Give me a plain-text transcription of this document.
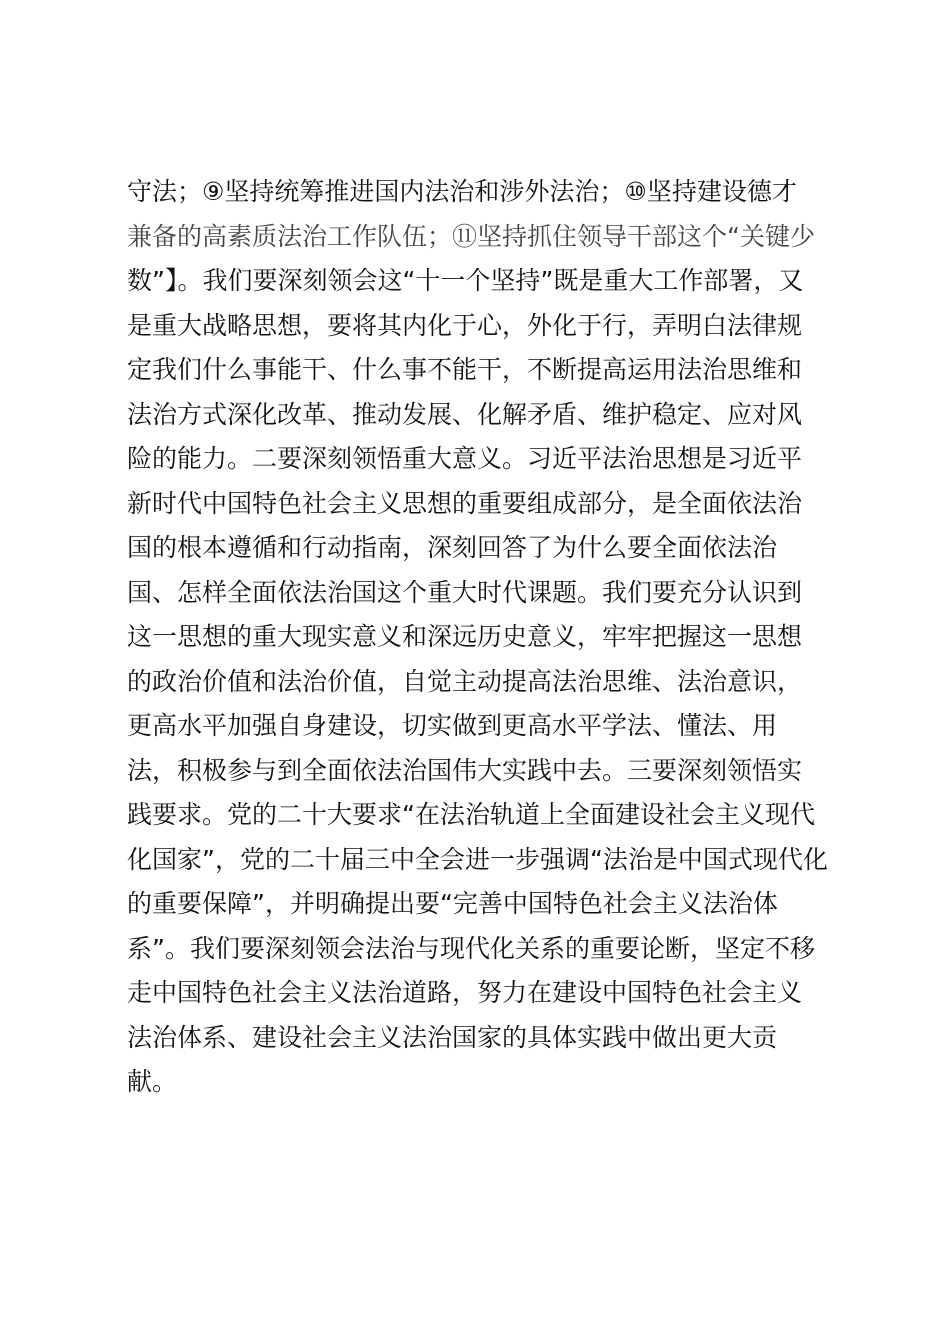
守法；⑨坚持统筹推进国内法治和涉外法治；⑩坚持建设德才
兼备的高素质法治工作队伍；⑪坚持抓住领导干部这个“关键少
数”】。我们要深刻领会这“十一个坚持”既是重大工作部署，又
是重大战略思想，要将其内化于心，外化于行，弄明白法律规
定我们什么事能干、什么事不能干，不断提高运用法治思维和
法治方式深化改革、推动发展、化解矛盾、维护稳定、应对风
险的能力。二要深刻领悟重大意义。习近平法治思想是习近平
新时代中国特色社会主义思想的重要组成部分，是全面依法治
国的根本遵循和行动指南，深刻回答了为什么要全面依法治
国、怎样全面依法治国这个重大时代课题。我们要充分认识到
这一思想的重大现实意义和深远历史意义，牢牢把握这一思想
的政治价值和法治价值，自觉主动提高法治思维、法治意识，
更高水平加强自身建设，切实做到更高水平学法、懂法、用
法，积极参与到全面依法治国伟大实践中去。三要深刻领悟实
践要求。党的二十大要求“在法治轨道上全面建设社会主义现代
化国家”，党的二十届三中全会进一步强调“法治是中国式现代化
的重要保障”，并明确提出要“完善中国特色社会主义法治体
系”。我们要深刻领会法治与现代化关系的重要论断，坚定不移
走中国特色社会主义法治道路，努力在建设中国特色社会主义
法治体系、建设社会主义法治国家的具体实践中做出更大贡
献。
